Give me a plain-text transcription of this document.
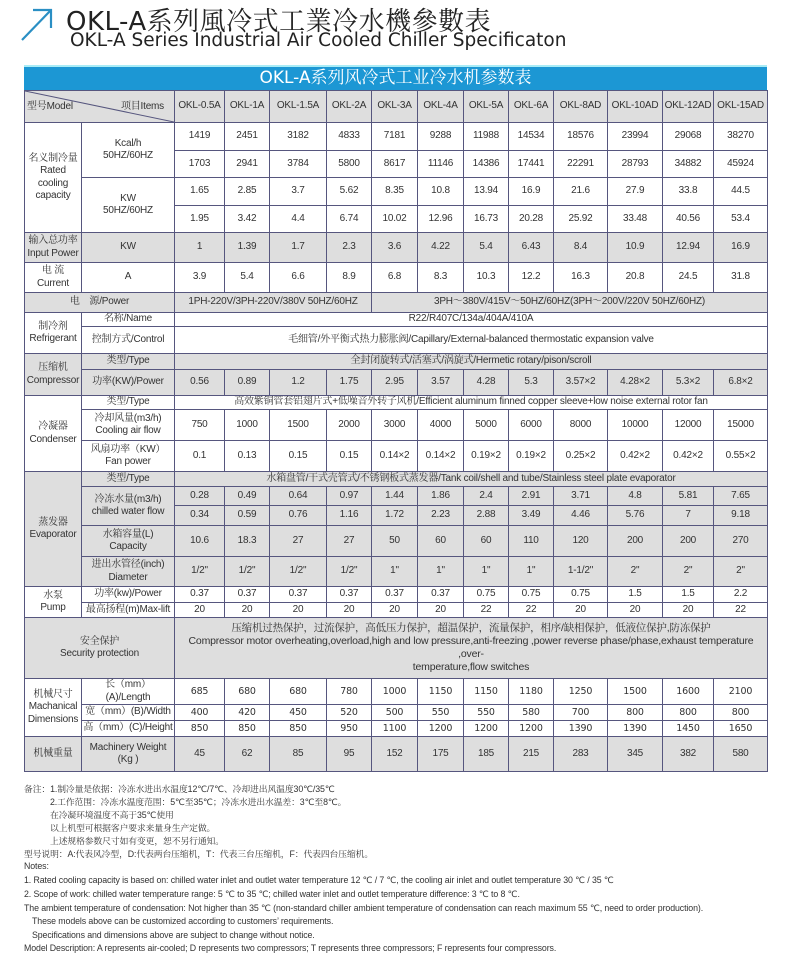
OKL-A系列風冷式工業冷水機參數表
OKL-A Series Industrial Air Cooled Chiller Specificaton
OKL-A系列风冷式工业冷水机参数表
型号Model 项目Items		OKL-0.5A	OKL-1A	OKL-1.5A	OKL-2A	OKL-3A	OKL-4A	OKL-5A	OKL-6A	OKL-8AD	OKL-10AD	OKL-12AD	OKL-15AD
名义制冷量
Rated
cooling
capacity	Kcal/h
50HZ/60HZ	1419	2451	3182	4833	7181	9288	11988	14534	18576	23994	29068	38270
		1703	2941	3784	5800	8617	11146	14386	17441	22291	28793	34882	45924
	KW
50HZ/60HZ	1.65	2.85	3.7	5.62	8.35	10.8	13.94	16.9	21.6	27.9	33.8	44.5
		1.95	3.42	4.4	6.74	10.02	12.96	16.73	20.28	25.92	33.48	40.56	53.4
输入总功率
Input Power	KW	1	1.39	1.7	2.3	3.6	4.22	5.4	6.43	8.4	10.9	12.94	16.9
电 流
Current	A	3.9	5.4	6.6	8.9	6.8	8.3	10.3	12.2	16.3	20.8	24.5	31.8
电　源/Power		1PH-220V/3PH-220V/380V 50HZ/60HZ				3PH～380V/415V～50HZ/60HZ(3PH～200V/220V 50HZ/60HZ)							
制冷剂
Refrigerant	名称/Name	R22/R407C/134a/404A/410A											
	控制方式/Control	毛细管/外平衡式热力膨胀阀/Capillary/External-balanced thermostatic expansion valve											
压缩机
Compressor	类型/Type	全封闭旋转式/活塞式/涡旋式/Hermetic rotary/pison/scroll											
	功率(KW)/Power	0.56	0.89	1.2	1.75	2.95	3.57	4.28	5.3	3.57×2	4.28×2	5.3×2	6.8×2
冷凝器
Condenser	类型/Type	高效紫铜管套铝翅片式+低噪音外转子风机/Efficient aluminum finned copper sleeve+low noise external rotor fan											
	冷却风量(m3/h)
Cooling air flow	750	1000	1500	2000	3000	4000	5000	6000	8000	10000	12000	15000
	风扇功率（KW）
Fan power	0.1	0.13	0.15	0.15	0.14×2	0.14×2	0.19×2	0.19×2	0.25×2	0.42×2	0.42×2	0.55×2
蒸发器
Evaporator	类型/Type	水箱盘管/干式壳管式/不锈钢板式蒸发器/Tank coil/shell and tube/Stainless steel plate evaporator											
	冷冻水量(m3/h)
chilled water flow	0.28	0.49	0.64	0.97	1.44	1.86	2.4	2.91	3.71	4.8	5.81	7.65
		0.34	0.59	0.76	1.16	1.72	2.23	2.88	3.49	4.46	5.76	7	9.18
	水箱容量(L)
Capacity	10.6	18.3	27	27	50	60	60	110	120	200	200	270
	进出水管径(inch)
Diameter	1/2"	1/2"	1/2"	1/2"	1"	1"	1"	1"	1-1/2"	2"	2"	2"
水泵
Pump	功率(kw)/Power	0.37	0.37	0.37	0.37	0.37	0.37	0.75	0.75	0.75	1.5	1.5	2.2
	最高扬程(m)Max-lift	20	20	20	20	20	20	22	22	20	20	20	22
安全保护
Security protection		压缩机过热保护，过流保护，高低压力保护，超温保护，流量保护，相序/缺相保护，低液位保护,防冻保护
Compressor motor overheating,overload,high and low pressure,anti-freezing ,power reverse phase/phase,exhaust temperature ,over-
temperature,flow switches											
机械尺寸
Machanical
Dimensions	长（mm）(A)/Length	685	680	680	780	1000	1150	1150	1180	1250	1500	1600	2100
	宽（mm）(B)/Width	400	420	450	520	500	550	550	580	700	800	800	800
	高（mm）(C)/Height	850	850	850	950	1100	1200	1200	1200	1390	1390	1450	1650
机械重量	Machinery Weight
(Kg )	45	62	85	95	152	175	185	215	283	345	382	580
备注：1.制冷量是依据：冷冻水进出水温度12℃/7℃、冷却进出风温度30℃/35℃
2.工作范围：冷冻水温度范围：5℃至35℃；冷冻水进出水温差：3℃至8℃。
在冷凝环境温度不高于35℃使用
以上机型可根据客户要求来量身生产定做。
上述规格参数尺寸如有变更，恕不另行通知。
型号说明：A:代表风冷型，D:代表两台压缩机，T：代表三台压缩机，F：代表四台压缩机。
Notes:
1. Rated cooling capacity is based on: chilled water inlet and outlet water temperature 12 ℃ / 7 ℃, the cooling air inlet and outlet temperature 30 ℃ / 35 ℃
2. Scope of work: chilled water temperature range: 5 ℃ to 35 ℃; chilled water inlet and outlet temperature difference: 3 ℃ to 8 ℃.
The ambient temperature of condensation: Not higher than 35 ℃ (non-standard chiller ambient temperature of condensation can reach maximum 55 ℃, need to order production).
These models above can be customized according to customers’ requirements.
Specifications and dimensions above are subject to change without notice.
Model Description: A represents air-cooled; D represents two compressors; T represents three compressors; F represents four compressors.
